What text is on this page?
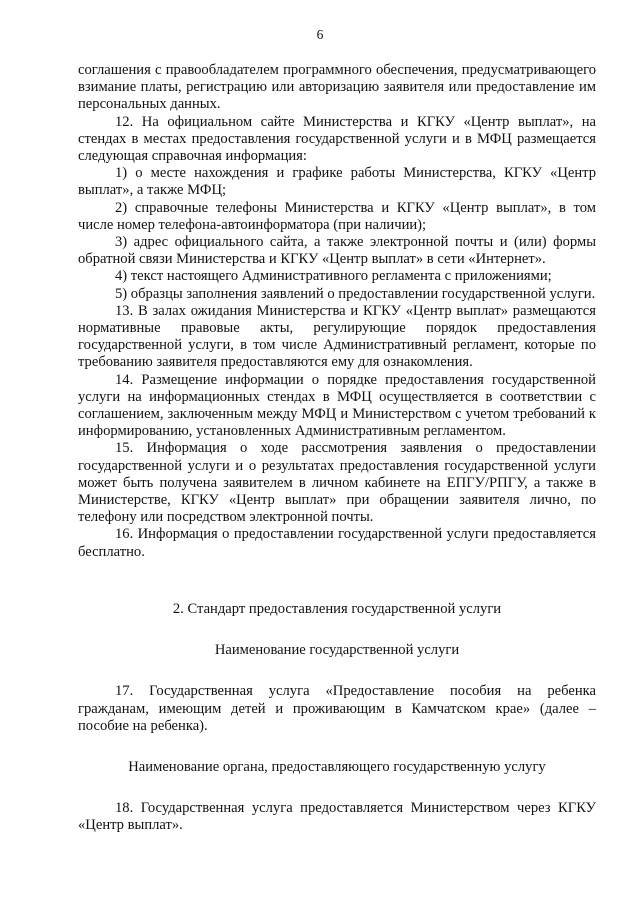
6

соглашения с правообладателем программного обеспечения, предусматривающего взимание платы, регистрацию или авторизацию заявителя или предоставление им персональных данных.

12. На официальном сайте Министерства и КГКУ «Центр выплат», на стендах в местах предоставления государственной услуги и в МФЦ размещается следующая справочная информация:

1) о месте нахождения и графике работы Министерства, КГКУ «Центр выплат», а также МФЦ;

2) справочные телефоны Министерства и КГКУ «Центр выплат», в том числе номер телефона-автоинформатора (при наличии);

3) адрес официального сайта, а также электронной почты и (или) формы обратной связи Министерства и КГКУ «Центр выплат» в сети «Интернет».

4) текст настоящего Административного регламента с приложениями;

5) образцы заполнения заявлений о предоставлении государственной услуги.

13. В залах ожидания Министерства и КГКУ «Центр выплат» размещаются нормативные правовые акты, регулирующие порядок предоставления государственной услуги, в том числе Административный регламент, которые по требованию заявителя предоставляются ему для ознакомления.

14. Размещение информации о порядке предоставления государственной услуги на информационных стендах в МФЦ осуществляется в соответствии с соглашением, заключенным между МФЦ и Министерством с учетом требований к информированию, установленных Административным регламентом.

15. Информация о ходе рассмотрения заявления о предоставлении государственной услуги и о результатах предоставления государственной услуги может быть получена заявителем в личном кабинете на ЕПГУ/РПГУ, а также в Министерстве, КГКУ «Центр выплат» при обращении заявителя лично, по телефону или посредством электронной почты.

16. Информация о предоставлении государственной услуги предоставляется бесплатно.

2. Стандарт предоставления государственной услуги

Наименование государственной услуги

17. Государственная услуга «Предоставление пособия на ребенка гражданам, имеющим детей и проживающим в Камчатском крае» (далее – пособие на ребенка).

Наименование органа, предоставляющего государственную услугу

18. Государственная услуга предоставляется Министерством через КГКУ «Центр выплат».
